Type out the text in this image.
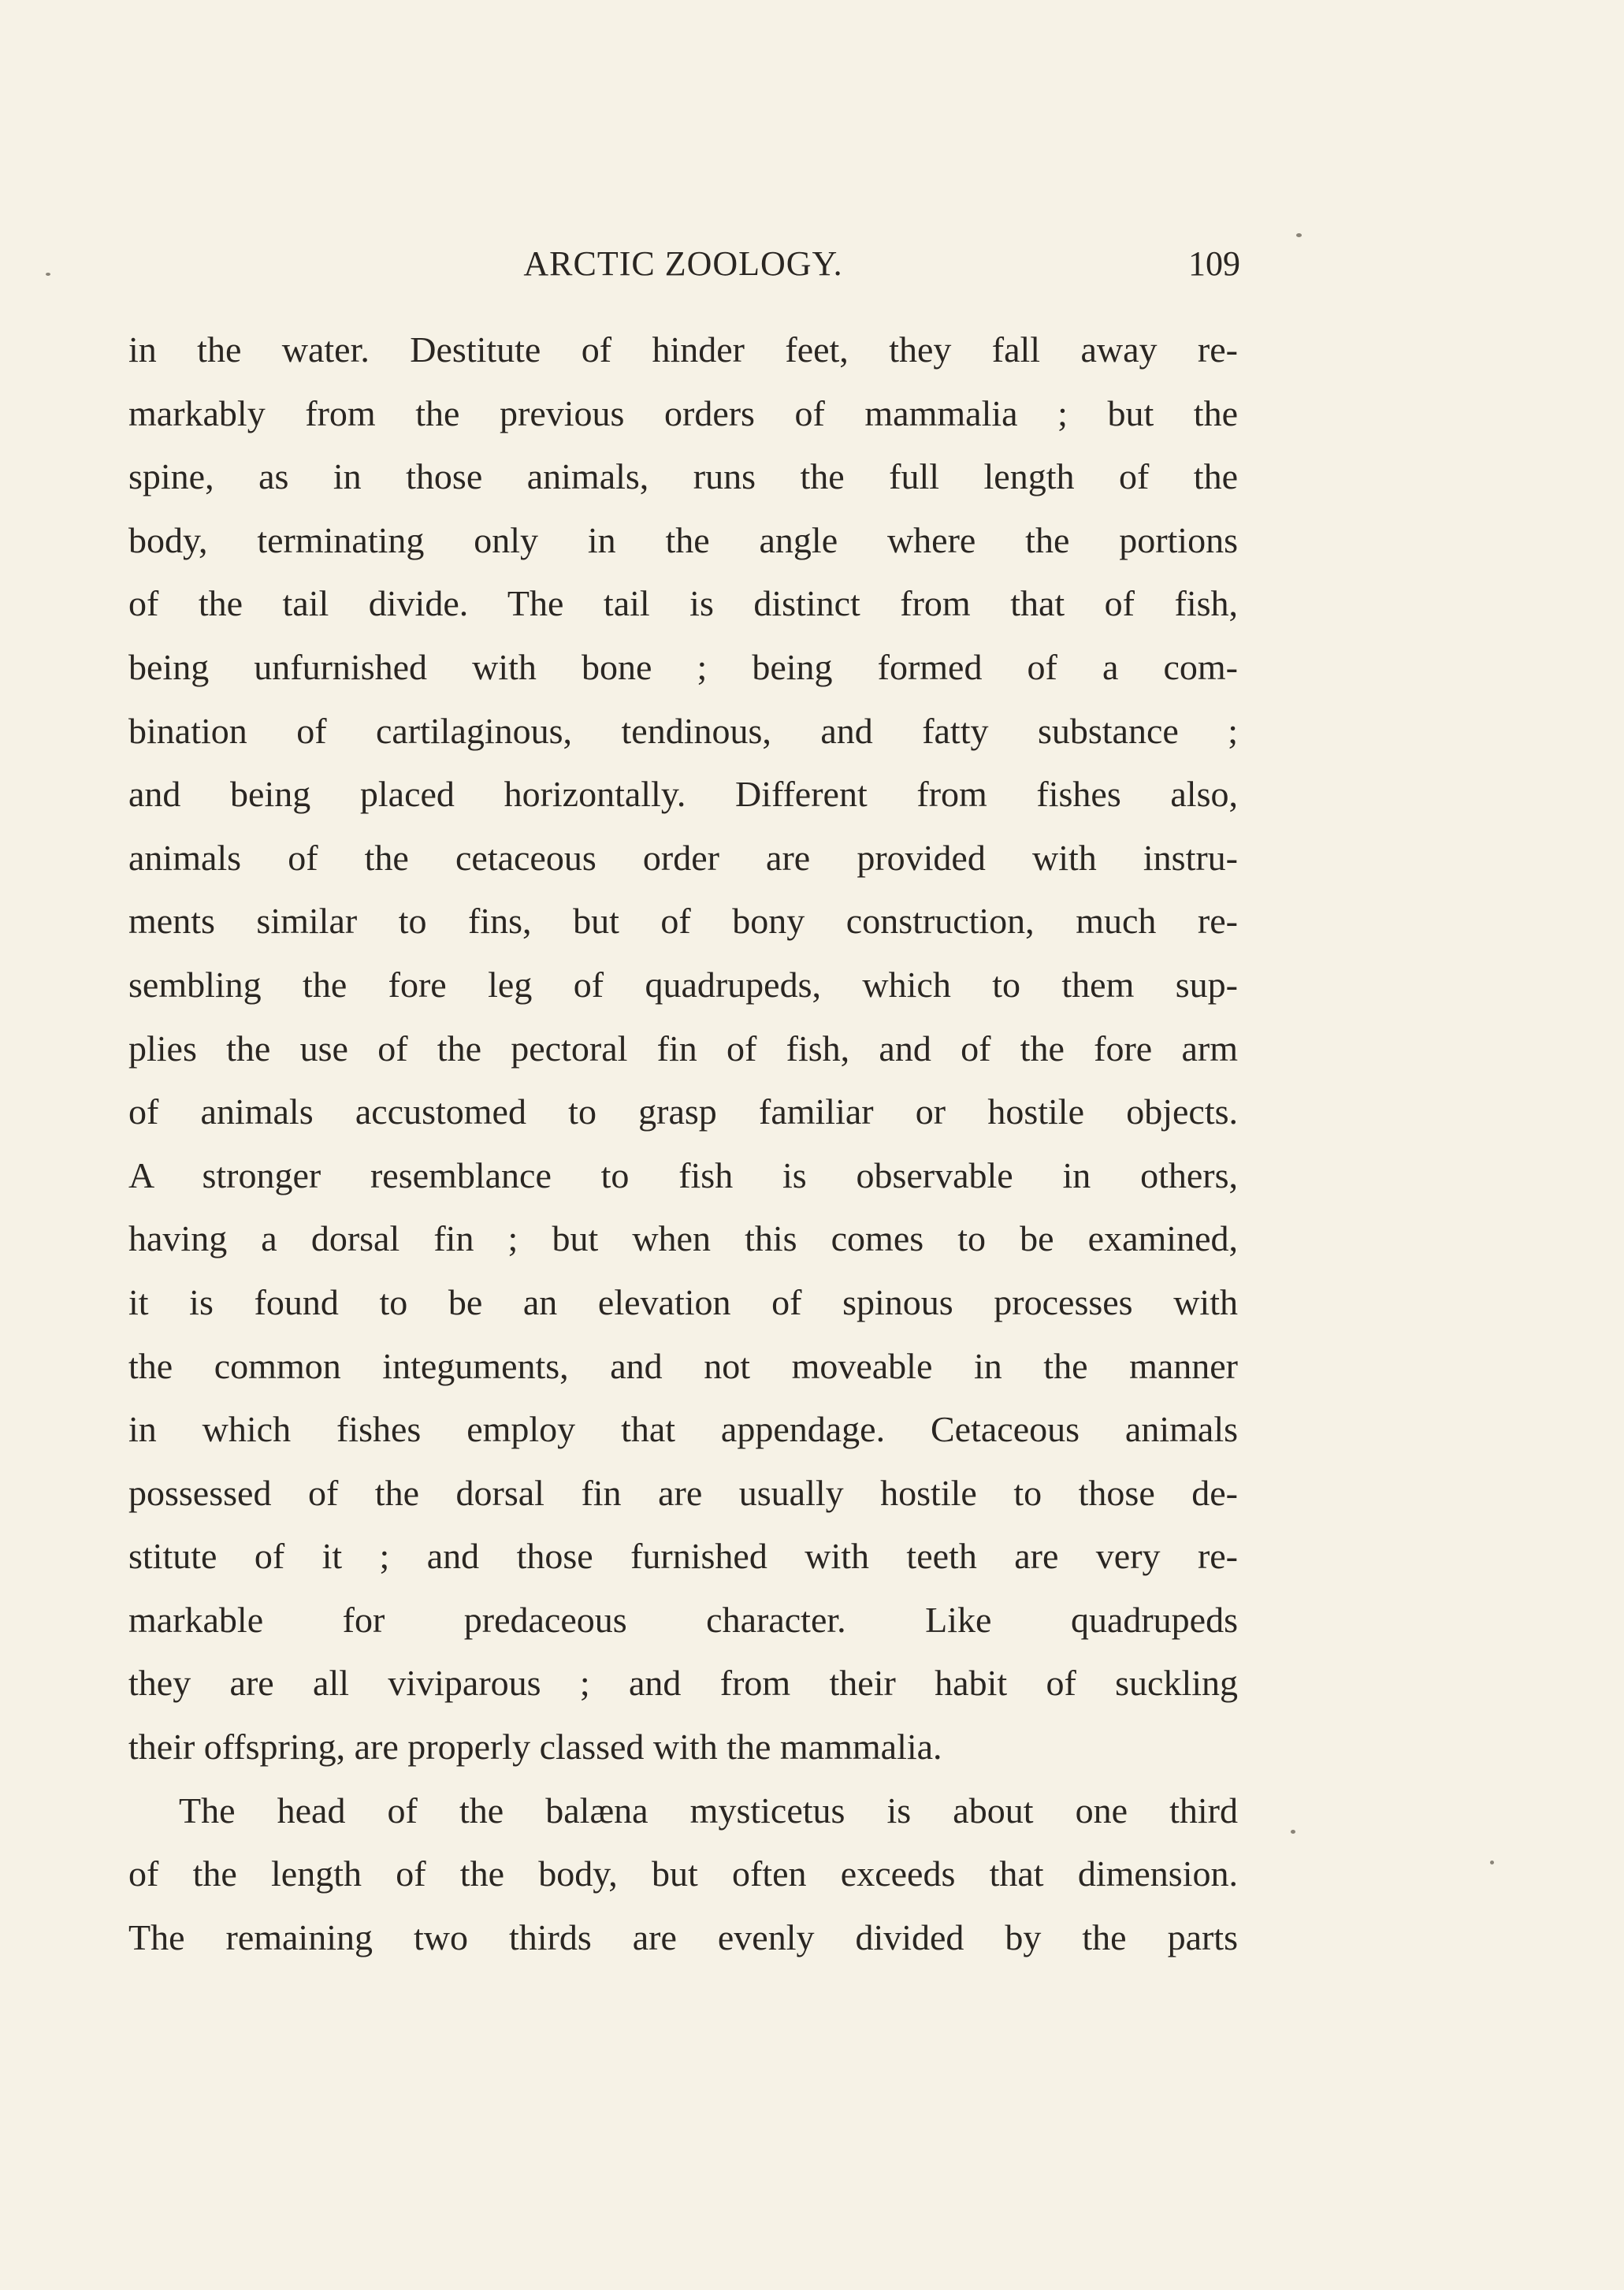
ARCTIC ZOOLOGY.	109
in the water. Destitute of hinder feet, they fall away re-
markably from the previous orders of mammalia ; but the
spine, as in those animals, runs the full length of the
body, terminating only in the angle where the portions
of the tail divide. The tail is distinct from that of fish,
being unfurnished with bone ; being formed of a com-
bination of cartilaginous, tendinous, and fatty substance ;
and being placed horizontally. Different from fishes also,
animals of the cetaceous order are provided with instru-
ments similar to fins, but of bony construction, much re-
sembling the fore leg of quadrupeds, which to them sup-
plies the use of the pectoral fin of fish, and of the fore arm
of animals accustomed to grasp familiar or hostile objects.
A stronger resemblance to fish is observable in others,
having a dorsal fin ; but when this comes to be examined,
it is found to be an elevation of spinous processes with
the common integuments, and not moveable in the manner
in which fishes employ that appendage. Cetaceous animals
possessed of the dorsal fin are usually hostile to those de-
stitute of it ; and those furnished with teeth are very re-
markable for predaceous character. Like quadrupeds
they are all viviparous ; and from their habit of suckling
their offspring, are properly classed with the mammalia.
The head of the balæna mysticetus is about one third
of the length of the body, but often exceeds that dimension.
The remaining two thirds are evenly divided by the parts
